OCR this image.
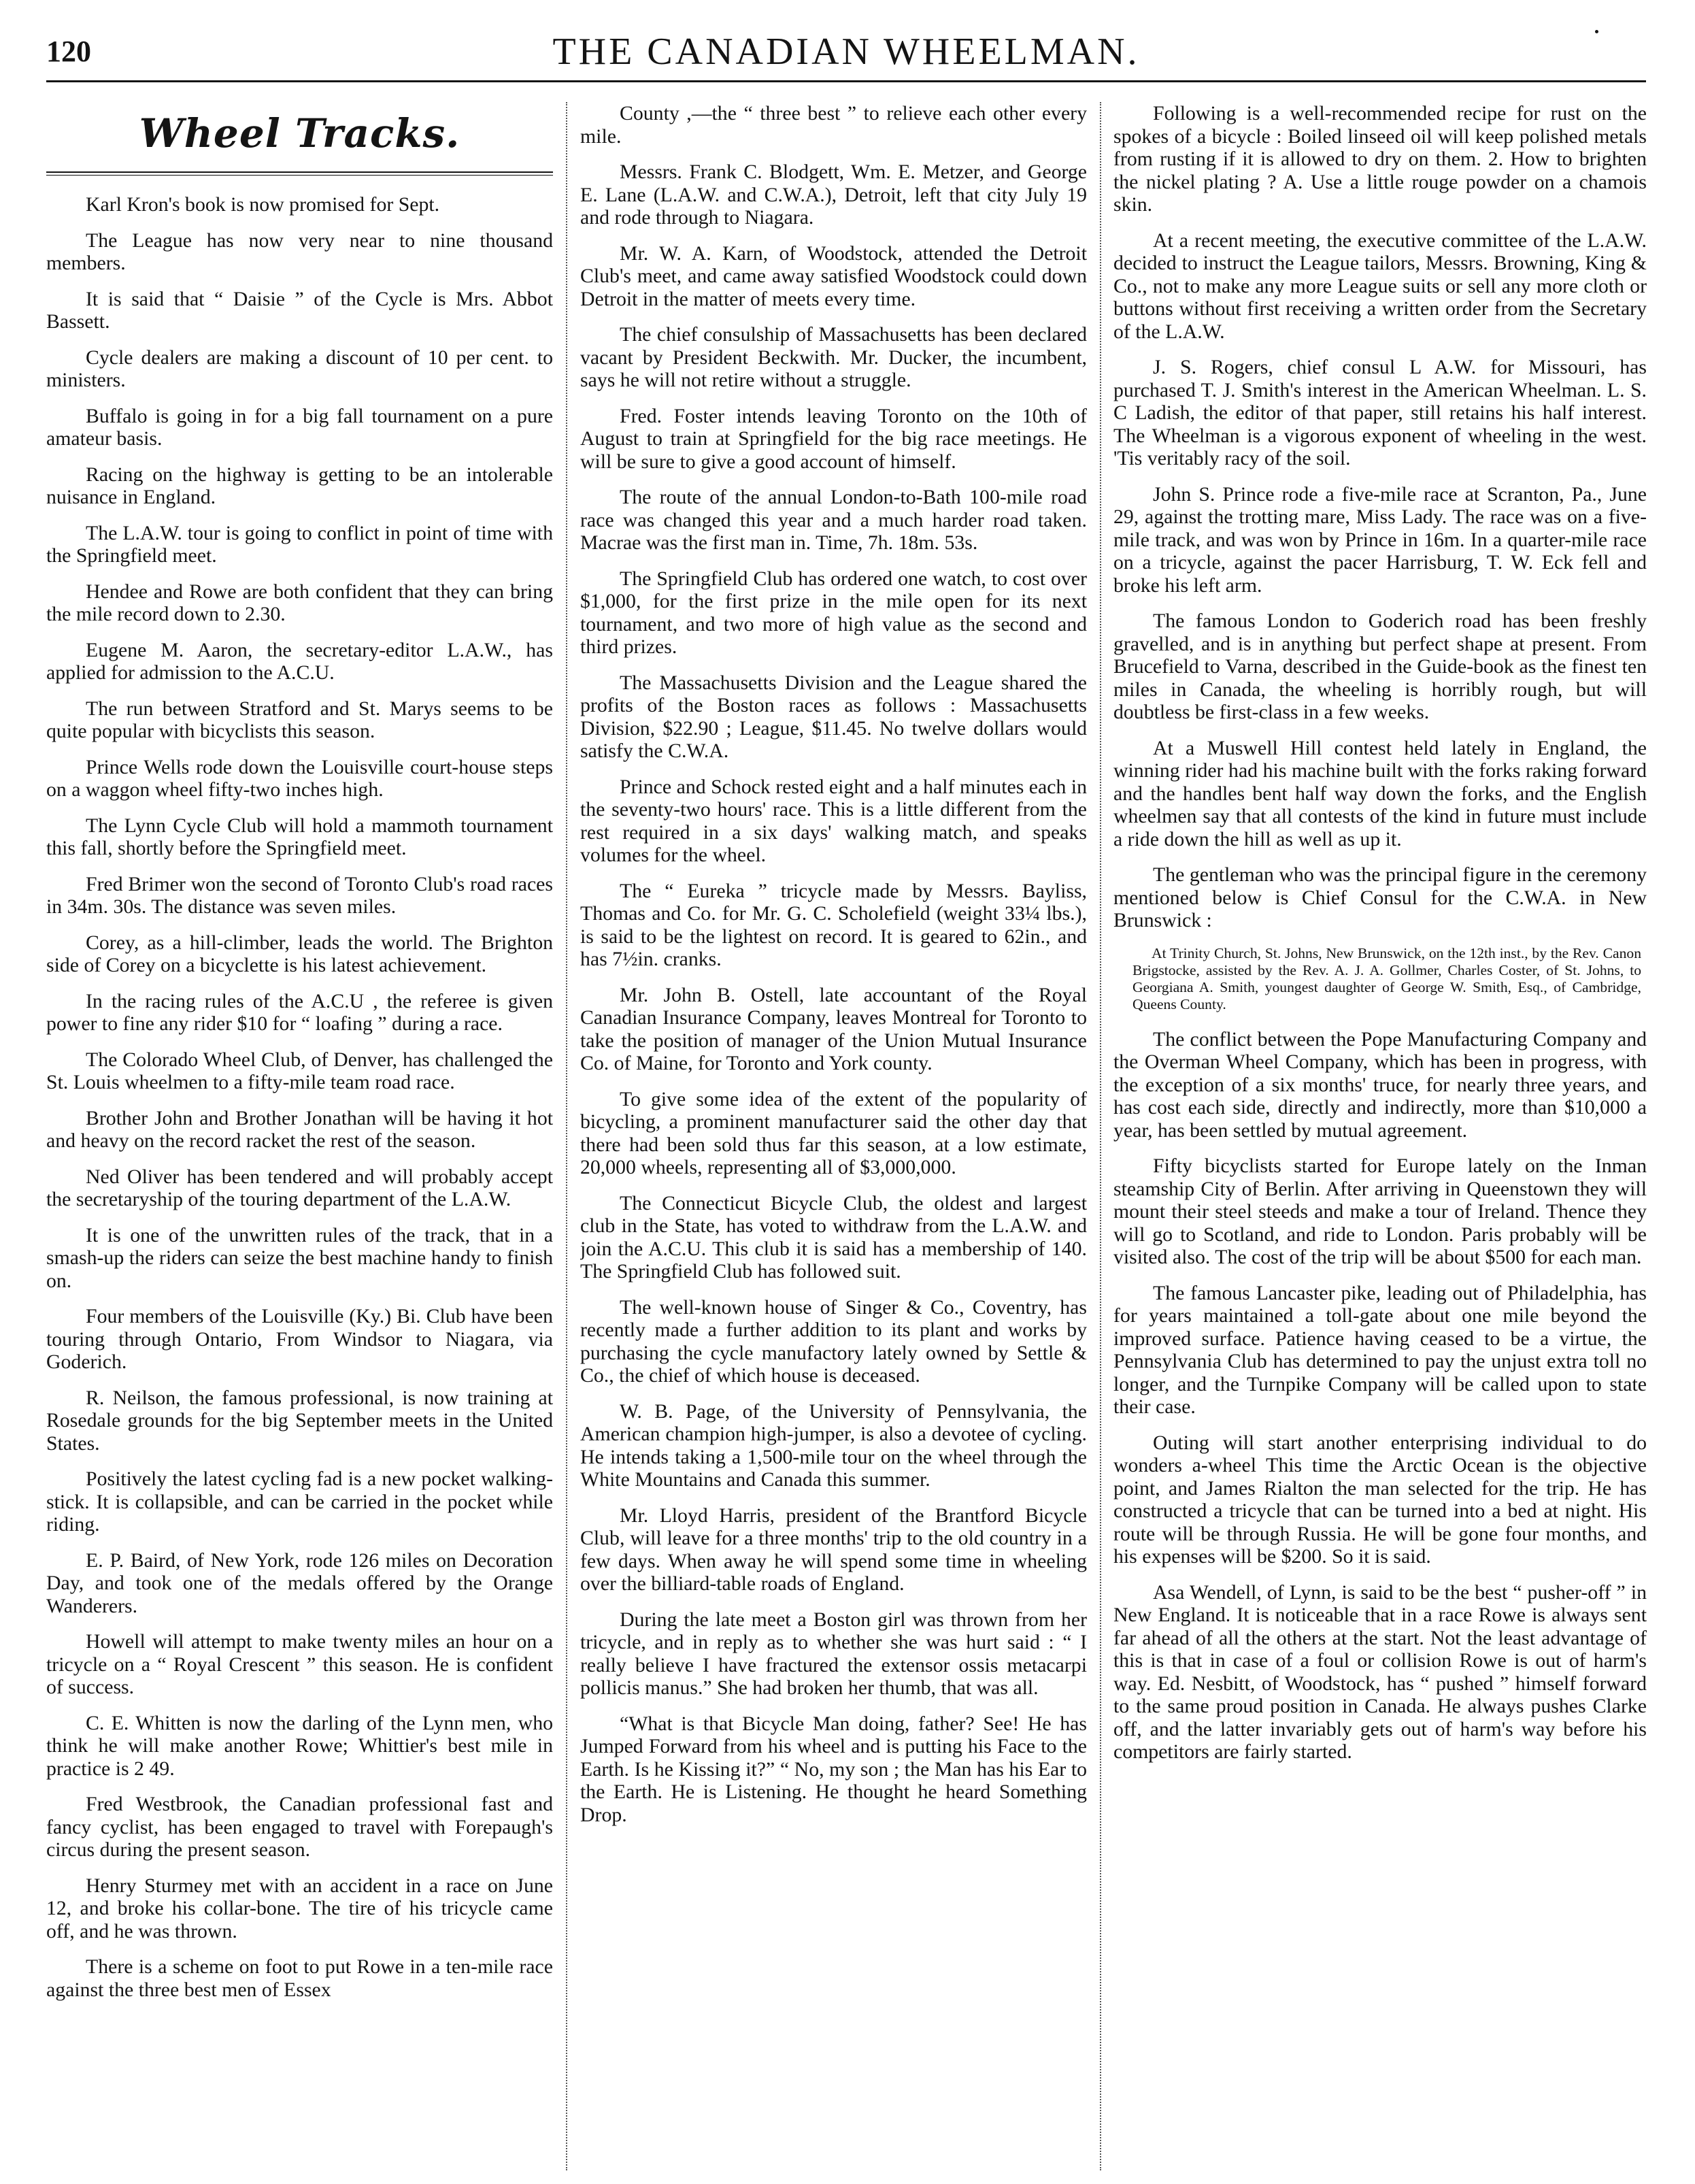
120	THE CANADIAN WHEELMAN.
Wheel Tracks.

Karl Kron's book is now promised for Sept.

The League has now very near to nine thousand members.

It is said that “ Daisie ” of the Cycle is Mrs. Abbot Bassett.

Cycle dealers are making a discount of 10 per cent. to ministers.

Buffalo is going in for a big fall tournament on a pure amateur basis.

Racing on the highway is getting to be an intolerable nuisance in England.

The L.A.W. tour is going to conflict in point of time with the Springfield meet.

Hendee and Rowe are both confident that they can bring the mile record down to 2.30.

Eugene M. Aaron, the secretary-editor L.A.W., has applied for admission to the A.C.U.

The run between Stratford and St. Marys seems to be quite popular with bicyclists this season.

Prince Wells rode down the Louisville court-house steps on a waggon wheel fifty-two inches high.

The Lynn Cycle Club will hold a mammoth tournament this fall, shortly before the Springfield meet.

Fred Brimer won the second of Toronto Club's road races in 34m. 30s. The distance was seven miles.

Corey, as a hill-climber, leads the world. The Brighton side of Corey on a bicyclette is his latest achievement.

In the racing rules of the A.C.U , the referee is given power to fine any rider $10 for “ loafing ” during a race.

The Colorado Wheel Club, of Denver, has challenged the St. Louis wheelmen to a fifty-mile team road race.

Brother John and Brother Jonathan will be having it hot and heavy on the record racket the rest of the season.

Ned Oliver has been tendered and will probably accept the secretaryship of the touring department of the L.A.W.

It is one of the unwritten rules of the track, that in a smash-up the riders can seize the best machine handy to finish on.

Four members of the Louisville (Ky.) Bi. Club have been touring through Ontario, From Windsor to Niagara, via Goderich.

R. Neilson, the famous professional, is now training at Rosedale grounds for the big September meets in the United States.

Positively the latest cycling fad is a new pocket walking-stick. It is collapsible, and can be carried in the pocket while riding.

E. P. Baird, of New York, rode 126 miles on Decoration Day, and took one of the medals offered by the Orange Wanderers.

Howell will attempt to make twenty miles an hour on a tricycle on a “ Royal Crescent ” this season. He is confident of success.

C. E. Whitten is now the darling of the Lynn men, who think he will make another Rowe; Whittier's best mile in practice is 2 49.

Fred Westbrook, the Canadian professional fast and fancy cyclist, has been engaged to travel with Forepaugh's circus during the present season.

Henry Sturmey met with an accident in a race on June 12, and broke his collar-bone. The tire of his tricycle came off, and he was thrown.

There is a scheme on foot to put Rowe in a ten-mile race against the three best men of Essex

County ,—the “ three best ” to relieve each other every mile.

Messrs. Frank C. Blodgett, Wm. E. Metzer, and George E. Lane (L.A.W. and C.W.A.), Detroit, left that city July 19 and rode through to Niagara.

Mr. W. A. Karn, of Woodstock, attended the Detroit Club's meet, and came away satisfied Woodstock could down Detroit in the matter of meets every time.

The chief consulship of Massachusetts has been declared vacant by President Beckwith. Mr. Ducker, the incumbent, says he will not retire without a struggle.

Fred. Foster intends leaving Toronto on the 10th of August to train at Springfield for the big race meetings. He will be sure to give a good account of himself.

The route of the annual London-to-Bath 100-mile road race was changed this year and a much harder road taken. Macrae was the first man in. Time, 7h. 18m. 53s.

The Springfield Club has ordered one watch, to cost over $1,000, for the first prize in the mile open for its next tournament, and two more of high value as the second and third prizes.

The Massachusetts Division and the League shared the profits of the Boston races as follows : Massachusetts Division, $22.90 ; League, $11.45. No twelve dollars would satisfy the C.W.A.

Prince and Schock rested eight and a half minutes each in the seventy-two hours' race. This is a little different from the rest required in a six days' walking match, and speaks volumes for the wheel.

The “ Eureka ” tricycle made by Messrs. Bayliss, Thomas and Co. for Mr. G. C. Scholefield (weight 33¼ lbs.), is said to be the lightest on record. It is geared to 62in., and has 7½in. cranks.

Mr. John B. Ostell, late accountant of the Royal Canadian Insurance Company, leaves Montreal for Toronto to take the position of manager of the Union Mutual Insurance Co. of Maine, for Toronto and York county.

To give some idea of the extent of the popularity of bicycling, a prominent manufacturer said the other day that there had been sold thus far this season, at a low estimate, 20,000 wheels, representing all of $3,000,000.

The Connecticut Bicycle Club, the oldest and largest club in the State, has voted to withdraw from the L.A.W. and join the A.C.U. This club it is said has a membership of 140. The Springfield Club has followed suit.

The well-known house of Singer & Co., Coventry, has recently made a further addition to its plant and works by purchasing the cycle manufactory lately owned by Settle & Co., the chief of which house is deceased.

W. B. Page, of the University of Pennsylvania, the American champion high-jumper, is also a devotee of cycling. He intends taking a 1,500-mile tour on the wheel through the White Mountains and Canada this summer.

Mr. Lloyd Harris, president of the Brantford Bicycle Club, will leave for a three months' trip to the old country in a few days. When away he will spend some time in wheeling over the billiard-table roads of England.

During the late meet a Boston girl was thrown from her tricycle, and in reply as to whether she was hurt said : “ I really believe I have fractured the extensor ossis metacarpi pollicis manus.” She had broken her thumb, that was all.

“What is that Bicycle Man doing, father? See! He has Jumped Forward from his wheel and is putting his Face to the Earth. Is he Kissing it?” “ No, my son ; the Man has his Ear to the Earth. He is Listening. He thought he heard Something Drop.

Following is a well-recommended recipe for rust on the spokes of a bicycle : Boiled linseed oil will keep polished metals from rusting if it is allowed to dry on them. 2. How to brighten the nickel plating ? A. Use a little rouge powder on a chamois skin.

At a recent meeting, the executive committee of the L.A.W. decided to instruct the League tailors, Messrs. Browning, King & Co., not to make any more League suits or sell any more cloth or buttons without first receiving a written order from the Secretary of the L.A.W.

J. S. Rogers, chief consul L A.W. for Missouri, has purchased T. J. Smith's interest in the American Wheelman. L. S. C Ladish, the editor of that paper, still retains his half interest. The Wheelman is a vigorous exponent of wheeling in the west. 'Tis veritably racy of the soil.

John S. Prince rode a five-mile race at Scranton, Pa., June 29, against the trotting mare, Miss Lady. The race was on a five-mile track, and was won by Prince in 16m. In a quarter-mile race on a tricycle, against the pacer Harrisburg, T. W. Eck fell and broke his left arm.

The famous London to Goderich road has been freshly gravelled, and is in anything but perfect shape at present. From Brucefield to Varna, described in the Guide-book as the finest ten miles in Canada, the wheeling is horribly rough, but will doubtless be first-class in a few weeks.

At a Muswell Hill contest held lately in England, the winning rider had his machine built with the forks raking forward and the handles bent half way down the forks, and the English wheelmen say that all contests of the kind in future must include a ride down the hill as well as up it.

The gentleman who was the principal figure in the ceremony mentioned below is Chief Consul for the C.W.A. in New Brunswick :

At Trinity Church, St. Johns, New Brunswick, on the 12th inst., by the Rev. Canon Brigstocke, assisted by the Rev. A. J. A. Gollmer, Charles Coster, of St. Johns, to Georgiana A. Smith, youngest daughter of George W. Smith, Esq., of Cambridge, Queens County.

The conflict between the Pope Manufacturing Company and the Overman Wheel Company, which has been in progress, with the exception of a six months' truce, for nearly three years, and has cost each side, directly and indirectly, more than $10,000 a year, has been settled by mutual agreement.

Fifty bicyclists started for Europe lately on the Inman steamship City of Berlin. After arriving in Queenstown they will mount their steel steeds and make a tour of Ireland. Thence they will go to Scotland, and ride to London. Paris probably will be visited also. The cost of the trip will be about $500 for each man.

The famous Lancaster pike, leading out of Philadelphia, has for years maintained a toll-gate about one mile beyond the improved surface. Patience having ceased to be a virtue, the Pennsylvania Club has determined to pay the unjust extra toll no longer, and the Turnpike Company will be called upon to state their case.

Outing will start another enterprising individual to do wonders a-wheel This time the Arctic Ocean is the objective point, and James Rialton the man selected for the trip. He has constructed a tricycle that can be turned into a bed at night. His route will be through Russia. He will be gone four months, and his expenses will be $200. So it is said.

Asa Wendell, of Lynn, is said to be the best “ pusher-off ” in New England. It is noticeable that in a race Rowe is always sent far ahead of all the others at the start. Not the least advantage of this is that in case of a foul or collision Rowe is out of harm's way. Ed. Nesbitt, of Woodstock, has “ pushed ” himself forward to the same proud position in Canada. He always pushes Clarke off, and the latter invariably gets out of harm's way before his competitors are fairly started.
